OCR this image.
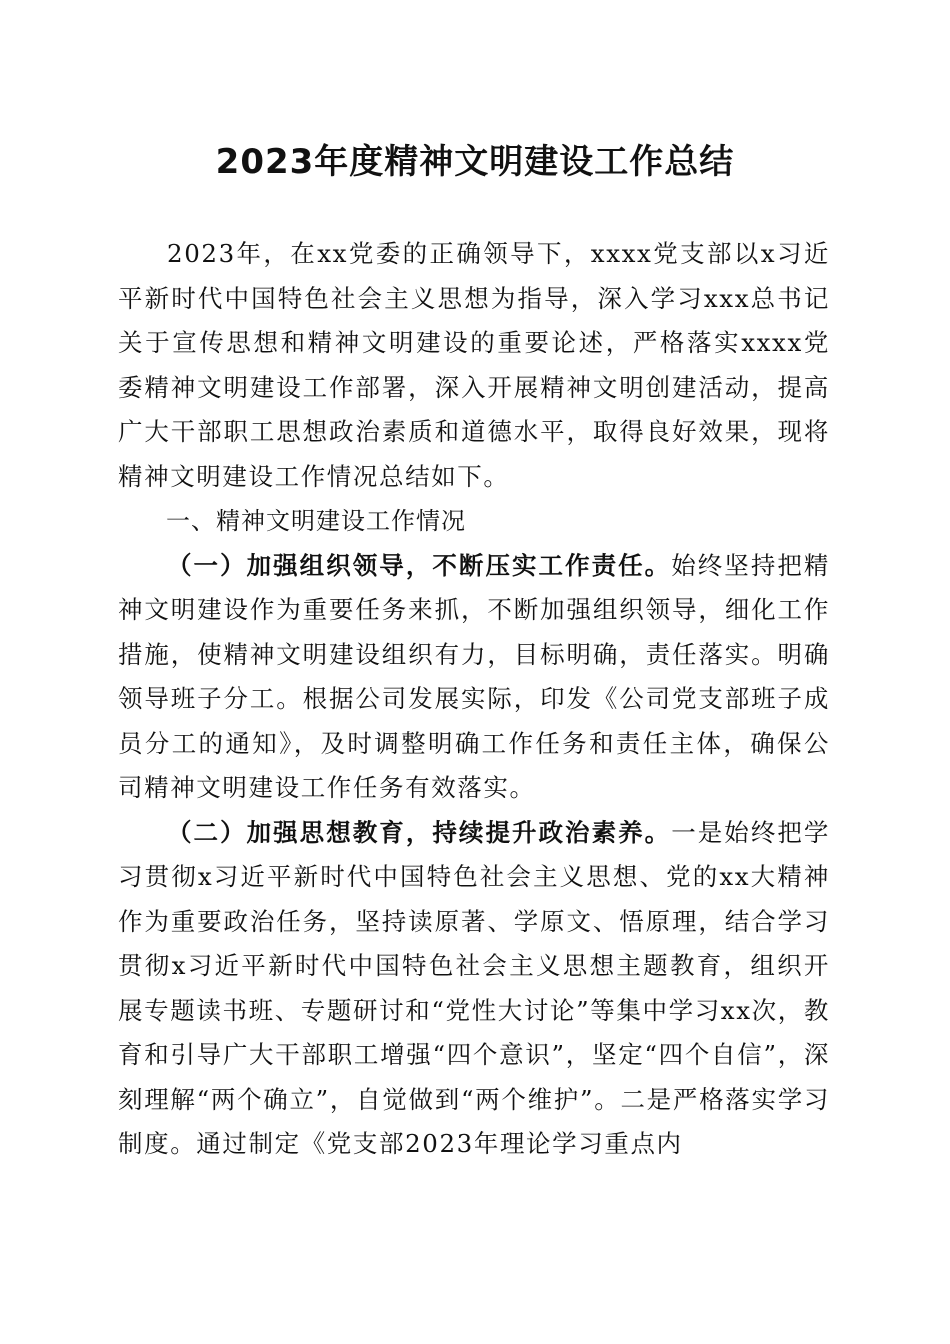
2023年度精神文明建设工作总结

2023年，在xx党委的正确领导下，xxxx党支部以x习近平新时代中国特色社会主义思想为指导，深入学习xxx总书记关于宣传思想和精神文明建设的重要论述，严格落实xxxx党委精神文明建设工作部署，深入开展精神文明创建活动，提高广大干部职工思想政治素质和道德水平，取得良好效果，现将精神文明建设工作情况总结如下。

一、精神文明建设工作情况

（一）加强组织领导，不断压实工作责任。始终坚持把精神文明建设作为重要任务来抓，不断加强组织领导，细化工作措施，使精神文明建设组织有力，目标明确，责任落实。明确领导班子分工。根据公司发展实际，印发《公司党支部班子成员分工的通知》，及时调整明确工作任务和责任主体，确保公司精神文明建设工作任务有效落实。

（二）加强思想教育，持续提升政治素养。一是始终把学习贯彻x习近平新时代中国特色社会主义思想、党的xx大精神作为重要政治任务，坚持读原著、学原文、悟原理，结合学习贯彻x习近平新时代中国特色社会主义思想主题教育，组织开展专题读书班、专题研讨和“党性大讨论”等集中学习xx次，教育和引导广大干部职工增强“四个意识”，坚定“四个自信”，深刻理解“两个确立”，自觉做到“两个维护”。二是严格落实学习制度。通过制定《党支部2023年理论学习重点内
